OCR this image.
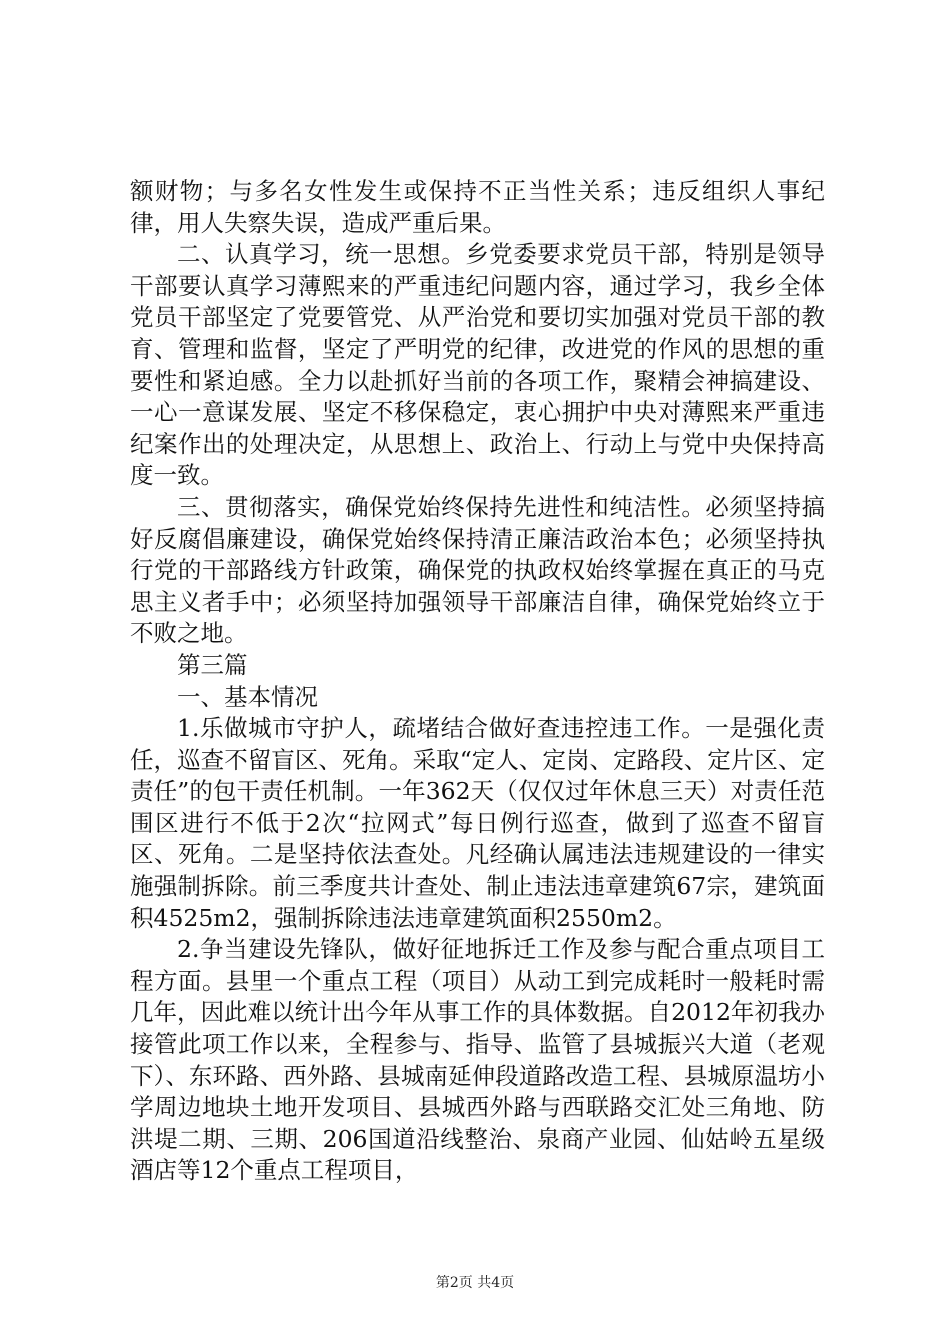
额财物；与多名女性发生或保持不正当性关系；违反组织人事纪律，用人失察失误，造成严重后果。

二、认真学习，统一思想。乡党委要求党员干部，特别是领导干部要认真学习薄熙来的严重违纪问题内容，通过学习，我乡全体党员干部坚定了党要管党、从严治党和要切实加强对党员干部的教育、管理和监督，坚定了严明党的纪律，改进党的作风的思想的重要性和紧迫感。全力以赴抓好当前的各项工作，聚精会神搞建设、一心一意谋发展、坚定不移保稳定，衷心拥护中央对薄熙来严重违纪案作出的处理决定，从思想上、政治上、行动上与党中央保持高度一致。

三、贯彻落实，确保党始终保持先进性和纯洁性。必须坚持搞好反腐倡廉建设，确保党始终保持清正廉洁政治本色；必须坚持执行党的干部路线方针政策，确保党的执政权始终掌握在真正的马克思主义者手中；必须坚持加强领导干部廉洁自律，确保党始终立于不败之地。

第三篇

一、基本情况

1.乐做城市守护人，疏堵结合做好查违控违工作。一是强化责任，巡查不留盲区、死角。采取“定人、定岗、定路段、定片区、定责任”的包干责任机制。一年362天（仅仅过年休息三天）对责任范围区进行不低于2次“拉网式”每日例行巡查，做到了巡查不留盲区、死角。二是坚持依法查处。凡经确认属违法违规建设的一律实施强制拆除。前三季度共计查处、制止违法违章建筑67宗，建筑面积4525m2，强制拆除违法违章建筑面积2550m2。

2.争当建设先锋队，做好征地拆迁工作及参与配合重点项目工程方面。县里一个重点工程（项目）从动工到完成耗时一般耗时需几年，因此难以统计出今年从事工作的具体数据。自2012年初我办接管此项工作以来，全程参与、指导、监管了县城振兴大道（老观下）、东环路、西外路、县城南延伸段道路改造工程、县城原温坊小学周边地块土地开发项目、县城西外路与西联路交汇处三角地、防洪堤二期、三期、206国道沿线整治、泉商产业园、仙姑岭五星级酒店等12个重点工程项目，

第2页 共4页
